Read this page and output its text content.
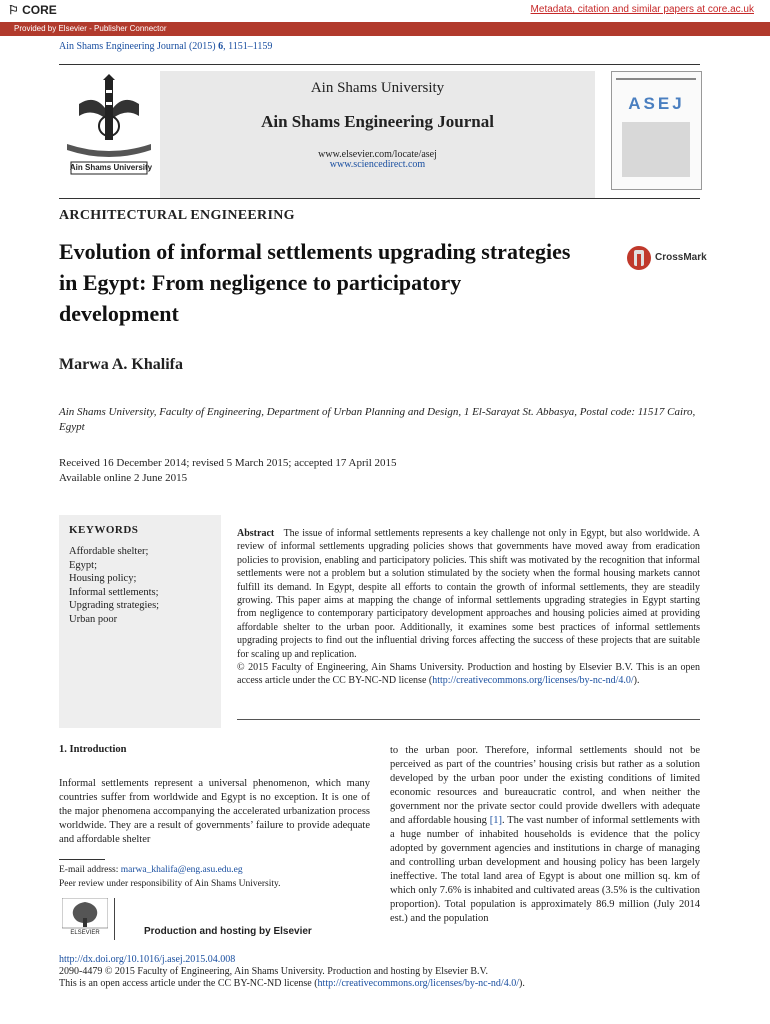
⚐ CORE	Metadata, citation and similar papers at core.ac.uk
Provided by Elsevier - Publisher Connector
Ain Shams Engineering Journal (2015) 6, 1151–1159
Ain Shams University
Ain Shams University
Ain Shams Engineering Journal
www.elsevier.com/locate/asej
www.sciencedirect.com
ASEJ
ARCHITECTURAL ENGINEERING
Evolution of informal settlements upgrading strategies in Egypt: From negligence to participatory development
CrossMark
Marwa A. Khalifa
Ain Shams University, Faculty of Engineering, Department of Urban Planning and Design, 1 El-Sarayat St. Abbasya, Postal code: 11517 Cairo, Egypt
Received 16 December 2014; revised 5 March 2015; accepted 17 April 2015
Available online 2 June 2015
KEYWORDS
Affordable shelter;
Egypt;
Housing policy;
Informal settlements;
Upgrading strategies;
Urban poor
Abstract The issue of informal settlements represents a key challenge not only in Egypt, but also worldwide. A review of informal settlements upgrading policies shows that governments have moved away from eradication policies to provision, enabling and participatory policies. This shift was motivated by the recognition that informal settlements were not a problem but a solution stimulated by the society when the formal housing markets cannot fulfill its demand. In Egypt, despite all efforts to contain the growth of informal settlements, they are steadily growing. This paper aims at mapping the change of informal settlements upgrading strategies in Egypt starting from negligence to contemporary participatory development approaches and housing policies aimed at providing affordable shelter to the urban poor. Additionally, it examines some best practices of informal settlements upgrading projects to find out the influential driving forces affecting the success of these projects that are suitable for scaling up and replication.
© 2015 Faculty of Engineering, Ain Shams University. Production and hosting by Elsevier B.V. This is an open access article under the CC BY-NC-ND license (http://creativecommons.org/licenses/by-nc-nd/4.0/).
1. Introduction
Informal settlements represent a universal phenomenon, which many countries suffer from worldwide and Egypt is no exception. It is one of the major phenomena accompanying the accelerated urbanization process worldwide. They are a result of governments’ failure to provide adequate and affordable shelter
to the urban poor. Therefore, informal settlements should not be perceived as part of the countries’ housing crisis but rather as a solution developed by the urban poor under the existing conditions of limited economic resources and bureaucratic control, and when neither the government nor the private sector could provide dwellers with adequate and affordable housing [1]. The vast number of informal settlements with a huge number of inhabited households is evidence that the policy adopted by government agencies and institutions in charge of managing and controlling urban development and housing policy has been largely ineffective. The total land area of Egypt is about one million sq. km of which only 7.6% is inhabited and cultivated areas (3.5% is the cultivation proportion). Total population is approximately 86.9 million (July 2014 est.) and the population
E-mail address: marwa_khalifa@eng.asu.edu.eg
Peer review under responsibility of Ain Shams University.
ELSEVIER	Production and hosting by Elsevier
http://dx.doi.org/10.1016/j.asej.2015.04.008
2090-4479 © 2015 Faculty of Engineering, Ain Shams University. Production and hosting by Elsevier B.V.
This is an open access article under the CC BY-NC-ND license (http://creativecommons.org/licenses/by-nc-nd/4.0/).
